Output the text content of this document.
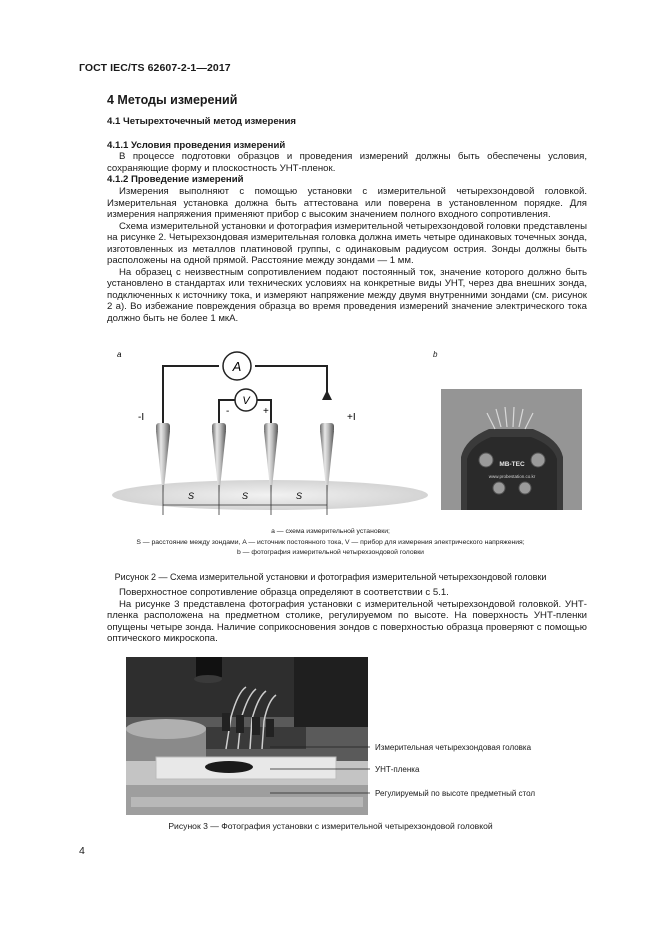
ГОСТ IEC/TS 62607-2-1—2017
4 Методы измерений
4.1 Четырехточечный метод измерения
4.1.1 Условия проведения измерений

В процессе подготовки образцов и проведения измерений должны быть обеспечены условия, сохраняющие форму и плоскостность УНТ-пленок.

4.1.2 Проведение измерений

Измерения выполняют с помощью установки с измерительной четырехзондовой головкой. Измерительная установка должна быть аттестована или поверена в установленном порядке. Для измерения напряжения применяют прибор с высоким значением полного входного сопротивления.

Схема измерительной установки и фотография измерительной четырехзондовой головки представлены на рисунке 2. Четырехзондовая измерительная головка должна иметь четыре одинаковых точечных зонда, изготовленных из металлов платиновой группы, с одинаковым радиусом острия. Зонды должны быть расположены на одной прямой. Расстояние между зондами — 1 мм.

На образец с неизвестным сопротивлением подают постоянный ток, значение которого должно быть установлено в стандартах или технических условиях на конкретные виды УНТ, через два внешних зонда, подключенных к источнику тока, и измеряют напряжение между двумя внутренними зондами (см. рисунок 2 а). Во избежание повреждения образца во время проведения измерений значение электрического тока должно быть не более 1 мкА.

а
A
V
-	+
-I	+I
S	S	S
b
MB-TEC
www.probestation.co.kr
а — схема измерительной установки;
S — расстояние между зондами, A — источник постоянного тока, V — прибор для измерения электрического напряжения;
b — фотография измерительной четырехзондовой головки
Рисунок 2 — Схема измерительной установки и фотография измерительной четырехзондовой головки

Поверхностное сопротивление образца определяют в соответствии с 5.1.

На рисунке 3 представлена фотография установки с измерительной четырехзондовой головкой. УНТ-пленка расположена на предметном столике, регулируемом по высоте. На поверхность УНТ-пленки опущены четыре зонда. Наличие соприкосновения зондов с поверхностью образца проверяют с помощью оптического микроскопа.

Измерительная четырехзондовая головка
УНТ-пленка
Регулируемый по высоте предметный стол
Рисунок 3 — Фотография установки с измерительной четырехзондовой головкой
4
